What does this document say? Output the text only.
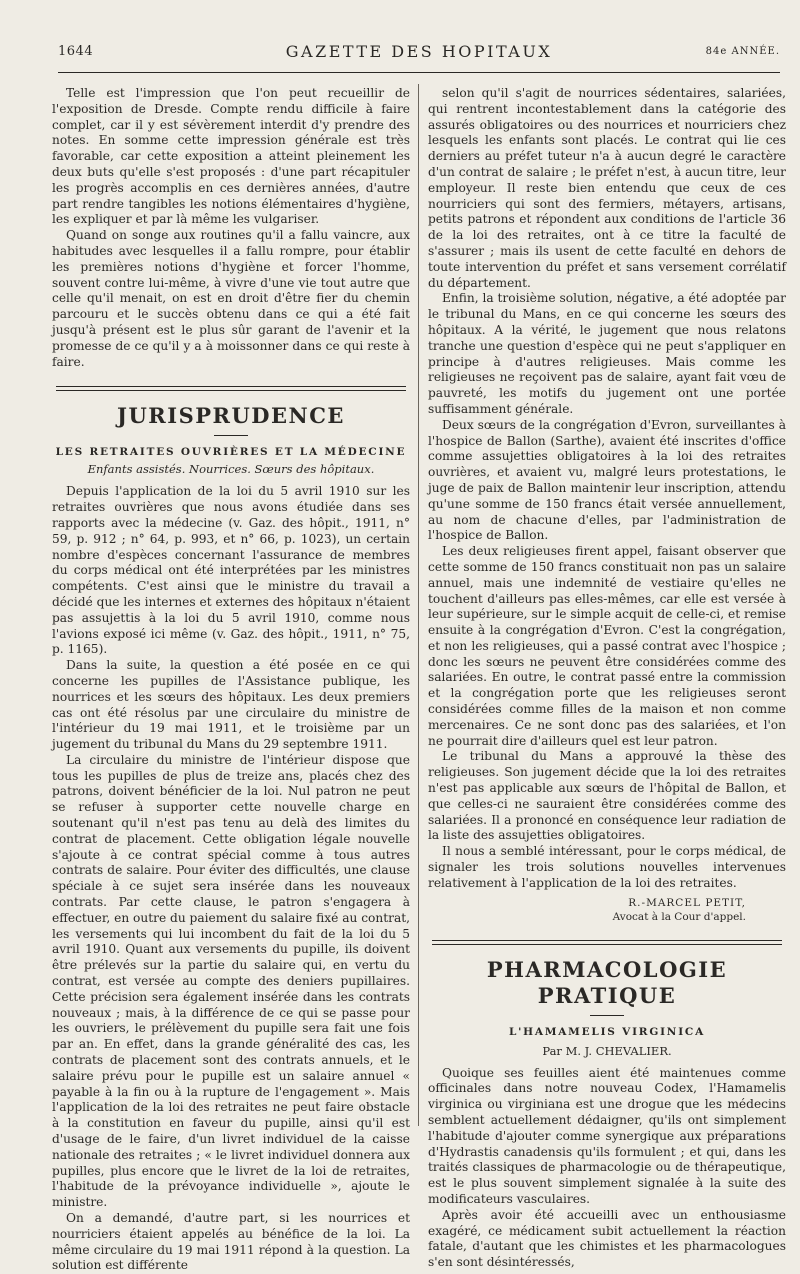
1644	GAZETTE DES HOPITAUX	84e ANNÉE.

Telle est l'impression que l'on peut recueillir de l'exposition de Dresde. Compte rendu difficile à faire complet, car il y est sévèrement interdit d'y prendre des notes. En somme cette impression générale est très favorable, car cette exposition a atteint pleinement les deux buts qu'elle s'est proposés : d'une part récapituler les progrès accomplis en ces dernières années, d'autre part rendre tangibles les notions élémentaires d'hygiène, les expliquer et par là même les vulgariser.

Quand on songe aux routines qu'il a fallu vaincre, aux habitudes avec lesquelles il a fallu rompre, pour établir les premières notions d'hygiène et forcer l'homme, souvent contre lui-même, à vivre d'une vie tout autre que celle qu'il menait, on est en droit d'être fier du chemin parcouru et le succès obtenu dans ce qui a été fait jusqu'à présent est le plus sûr garant de l'avenir et la promesse de ce qu'il y a à moissonner dans ce qui reste à faire.

JURISPRUDENCE
LES RETRAITES OUVRIÈRES ET LA MÉDECINE
Enfants assistés. Nourrices. Sœurs des hôpitaux.

Depuis l'application de la loi du 5 avril 1910 sur les retraites ouvrières que nous avons étudiée dans ses rapports avec la médecine (v. Gaz. des hôpit., 1911, n° 59, p. 912 ; n° 64, p. 993, et n° 66, p. 1023), un certain nombre d'espèces concernant l'assurance de membres du corps médical ont été interprétées par les ministres compétents. C'est ainsi que le ministre du travail a décidé que les internes et externes des hôpitaux n'étaient pas assujettis à la loi du 5 avril 1910, comme nous l'avions exposé ici même (v. Gaz. des hôpit., 1911, n° 75, p. 1165).

Dans la suite, la question a été posée en ce qui concerne les pupilles de l'Assistance publique, les nourrices et les sœurs des hôpitaux. Les deux premiers cas ont été résolus par une circulaire du ministre de l'intérieur du 19 mai 1911, et le troisième par un jugement du tribunal du Mans du 29 septembre 1911.

La circulaire du ministre de l'intérieur dispose que tous les pupilles de plus de treize ans, placés chez des patrons, doivent bénéficier de la loi. Nul patron ne peut se refuser à supporter cette nouvelle charge en soutenant qu'il n'est pas tenu au delà des limites du contrat de placement. Cette obligation légale nouvelle s'ajoute à ce contrat spécial comme à tous autres contrats de salaire. Pour éviter des difficultés, une clause spéciale à ce sujet sera insérée dans les nouveaux contrats. Par cette clause, le patron s'engagera à effectuer, en outre du paiement du salaire fixé au contrat, les versements qui lui incombent du fait de la loi du 5 avril 1910. Quant aux versements du pupille, ils doivent être prélevés sur la partie du salaire qui, en vertu du contrat, est versée au compte des deniers pupillaires. Cette précision sera également insérée dans les contrats nouveaux ; mais, à la différence de ce qui se passe pour les ouvriers, le prélèvement du pupille sera fait une fois par an. En effet, dans la grande généralité des cas, les contrats de placement sont des contrats annuels, et le salaire prévu pour le pupille est un salaire annuel « payable à la fin ou à la rupture de l'engagement ». Mais l'application de la loi des retraites ne peut faire obstacle à la constitution en faveur du pupille, ainsi qu'il est d'usage de le faire, d'un livret individuel de la caisse nationale des retraites ; « le livret individuel donnera aux pupilles, plus encore que le livret de la loi de retraites, l'habitude de la prévoyance individuelle », ajoute le ministre.

On a demandé, d'autre part, si les nourrices et nourriciers étaient appelés au bénéfice de la loi. La même circulaire du 19 mai 1911 répond à la question. La solution est différente

selon qu'il s'agit de nourrices sédentaires, salariées, qui rentrent incontestablement dans la catégorie des assurés obligatoires ou des nourrices et nourriciers chez lesquels les enfants sont placés. Le contrat qui lie ces derniers au préfet tuteur n'a à aucun degré le caractère d'un contrat de salaire ; le préfet n'est, à aucun titre, leur employeur. Il reste bien entendu que ceux de ces nourriciers qui sont des fermiers, métayers, artisans, petits patrons et répondent aux conditions de l'article 36 de la loi des retraites, ont à ce titre la faculté de s'assurer ; mais ils usent de cette faculté en dehors de toute intervention du préfet et sans versement corrélatif du département.

Enfin, la troisième solution, négative, a été adoptée par le tribunal du Mans, en ce qui concerne les sœurs des hôpitaux. A la vérité, le jugement que nous relatons tranche une question d'espèce qui ne peut s'appliquer en principe à d'autres religieuses. Mais comme les religieuses ne reçoivent pas de salaire, ayant fait vœu de pauvreté, les motifs du jugement ont une portée suffisamment générale.

Deux sœurs de la congrégation d'Evron, surveillantes à l'hospice de Ballon (Sarthe), avaient été inscrites d'office comme assujetties obligatoires à la loi des retraites ouvrières, et avaient vu, malgré leurs protestations, le juge de paix de Ballon maintenir leur inscription, attendu qu'une somme de 150 francs était versée annuellement, au nom de chacune d'elles, par l'administration de l'hospice de Ballon.

Les deux religieuses firent appel, faisant observer que cette somme de 150 francs constituait non pas un salaire annuel, mais une indemnité de vestiaire qu'elles ne touchent d'ailleurs pas elles-mêmes, car elle est versée à leur supérieure, sur le simple acquit de celle-ci, et remise ensuite à la congrégation d'Evron. C'est la congrégation, et non les religieuses, qui a passé contrat avec l'hospice ; donc les sœurs ne peuvent être considérées comme des salariées. En outre, le contrat passé entre la commission et la congrégation porte que les religieuses seront considérées comme filles de la maison et non comme mercenaires. Ce ne sont donc pas des salariées, et l'on ne pourrait dire d'ailleurs quel est leur patron.

Le tribunal du Mans a approuvé la thèse des religieuses. Son jugement décide que la loi des retraites n'est pas applicable aux sœurs de l'hôpital de Ballon, et que celles-ci ne sauraient être considérées comme des salariées. Il a prononcé en conséquence leur radiation de la liste des assujetties obligatoires.

Il nous a semblé intéressant, pour le corps médical, de signaler les trois solutions nouvelles intervenues relativement à l'application de la loi des retraites.

R.-MARCEL PETIT,
Avocat à la Cour d'appel.
PHARMACOLOGIE PRATIQUE
L'HAMAMELIS VIRGINICA
Par M. J. CHEVALIER.

Quoique ses feuilles aient été maintenues comme officinales dans notre nouveau Codex, l'Hamamelis virginica ou virginiana est une drogue que les médecins semblent actuellement dédaigner, qu'ils ont simplement l'habitude d'ajouter comme synergique aux préparations d'Hydrastis canadensis qu'ils formulent ; et qui, dans les traités classiques de pharmacologie ou de thérapeutique, est le plus souvent simplement signalée à la suite des modificateurs vasculaires.

Après avoir été accueilli avec un enthousiasme exagéré, ce médicament subit actuellement la réaction fatale, d'autant que les chimistes et les pharmacologues s'en sont désintéressés,
